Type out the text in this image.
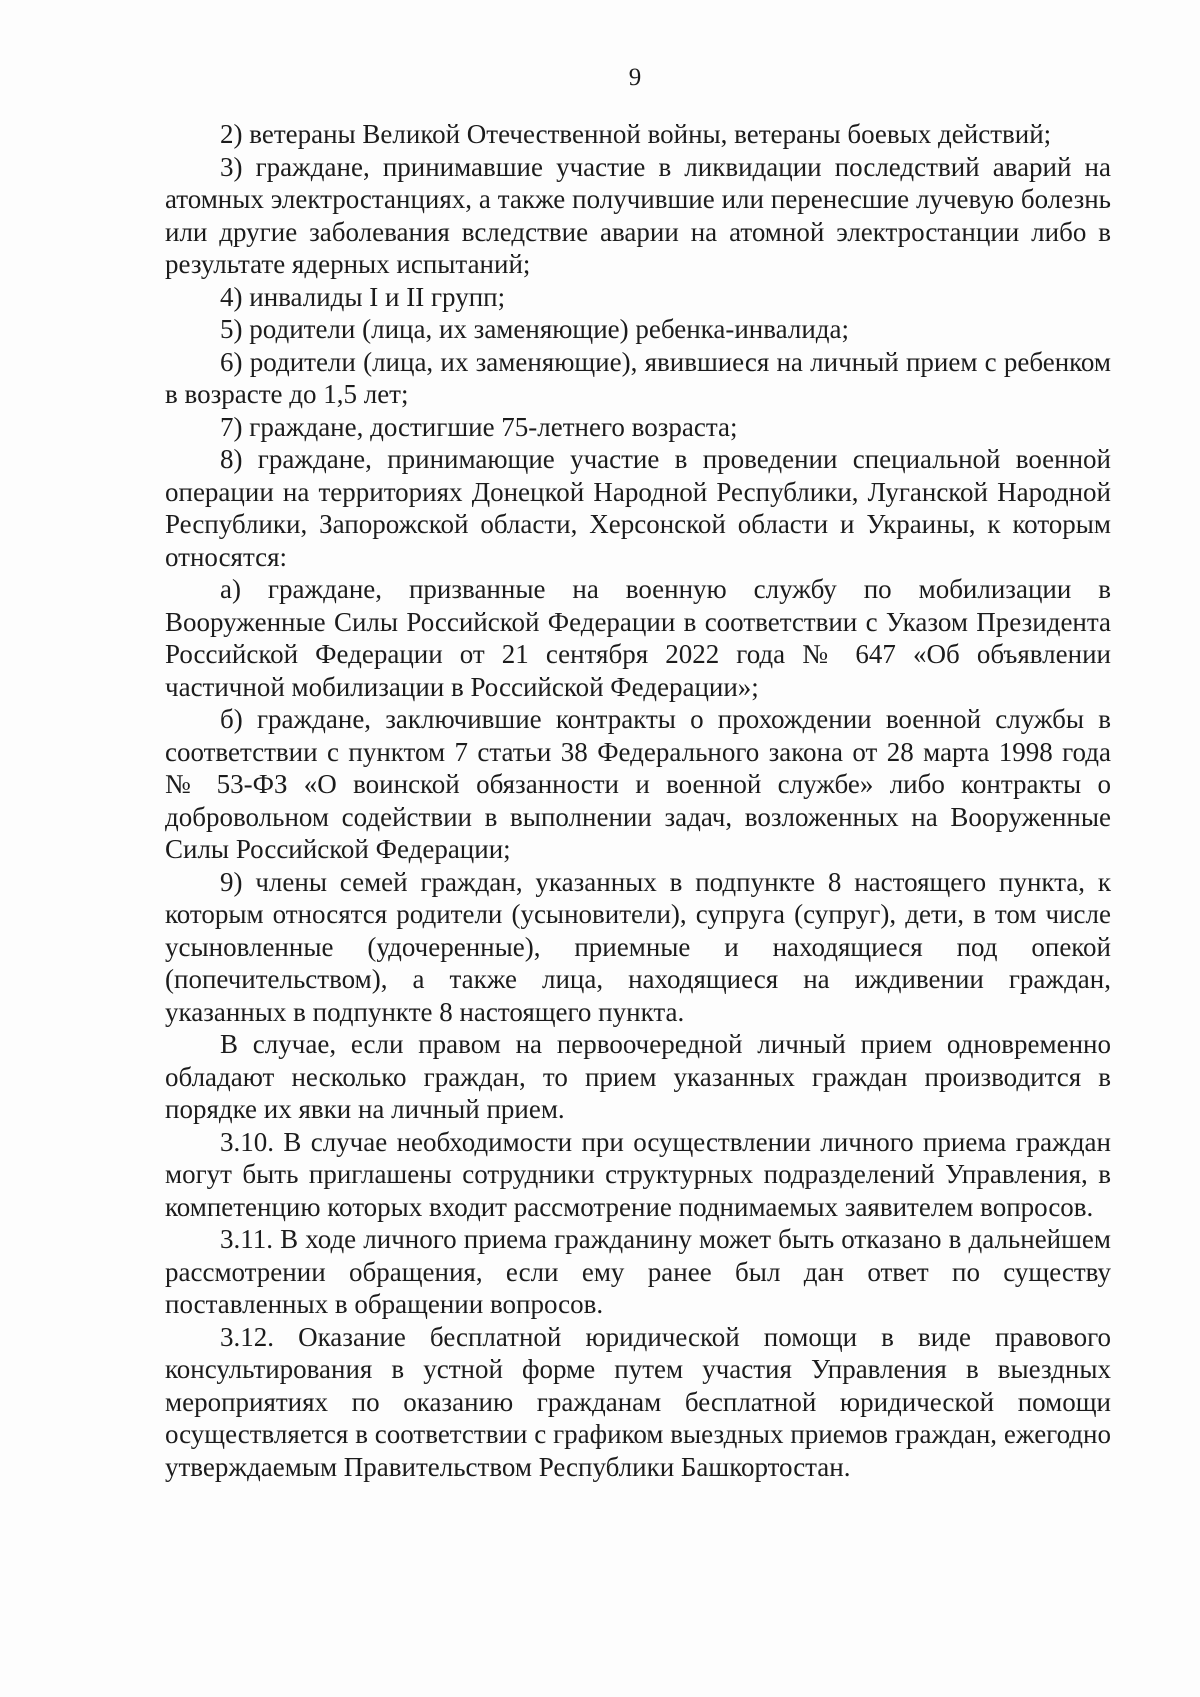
9

2) ветераны Великой Отечественной войны, ветераны боевых действий;

3) граждане, принимавшие участие в ликвидации последствий аварий на атомных электростанциях, а также получившие или перенесшие лучевую болезнь или другие заболевания вследствие аварии на атомной электростанции либо в результате ядерных испытаний;

4) инвалиды I и II групп;

5) родители (лица, их заменяющие) ребенка-инвалида;

6) родители (лица, их заменяющие), явившиеся на личный прием с ребенком в возрасте до 1,5 лет;

7) граждане, достигшие 75-летнего возраста;

8) граждане, принимающие участие в проведении специальной военной операции на территориях Донецкой Народной Республики, Луганской Народной Республики, Запорожской области, Херсонской области и Украины, к которым относятся:

а) граждане, призванные на военную службу по мобилизации в Вооруженные Силы Российской Федерации в соответствии с Указом Президента Российской Федерации от 21 сентября 2022 года № 647 «Об объявлении частичной мобилизации в Российской Федерации»;

б) граждане, заключившие контракты о прохождении военной службы в соответствии с пунктом 7 статьи 38 Федерального закона от 28 марта 1998 года № 53-ФЗ «О воинской обязанности и военной службе» либо контракты о добровольном содействии в выполнении задач, возложенных на Вооруженные Силы Российской Федерации;

9) члены семей граждан, указанных в подпункте 8 настоящего пункта, к которым относятся родители (усыновители), супруга (супруг), дети, в том числе усыновленные (удочеренные), приемные и находящиеся под опекой (попечительством), а также лица, находящиеся на иждивении граждан, указанных в подпункте 8 настоящего пункта.

В случае, если правом на первоочередной личный прием одновременно обладают несколько граждан, то прием указанных граждан производится в порядке их явки на личный прием.

3.10. В случае необходимости при осуществлении личного приема граждан могут быть приглашены сотрудники структурных подразделений Управления, в компетенцию которых входит рассмотрение поднимаемых заявителем вопросов.

3.11. В ходе личного приема гражданину может быть отказано в дальнейшем рассмотрении обращения, если ему ранее был дан ответ по существу поставленных в обращении вопросов.

3.12. Оказание бесплатной юридической помощи в виде правового консультирования в устной форме путем участия Управления в выездных мероприятиях по оказанию гражданам бесплатной юридической помощи осуществляется в соответствии с графиком выездных приемов граждан, ежегодно утверждаемым Правительством Республики Башкортостан.
